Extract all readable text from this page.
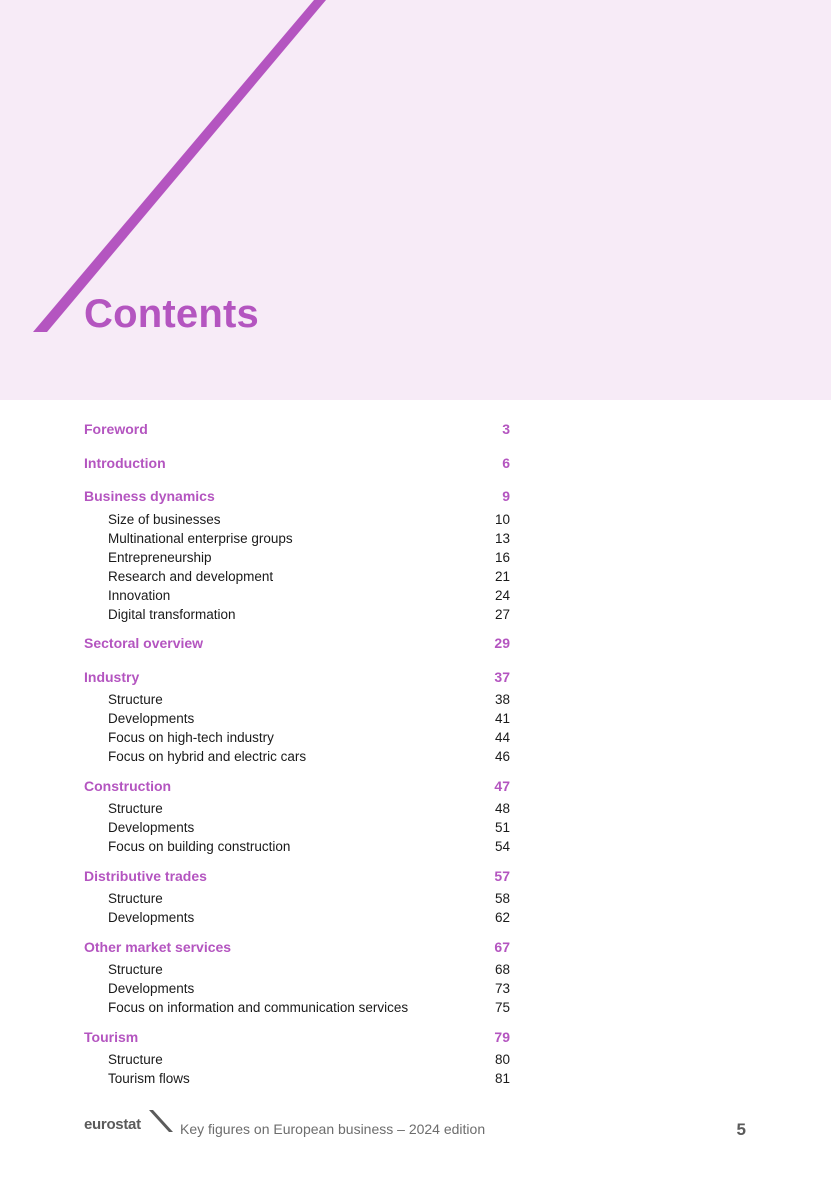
Contents
Foreword	3
Introduction	6
Business dynamics	9
Size of businesses	10
Multinational enterprise groups	13
Entrepreneurship	16
Research and development	21
Innovation	24
Digital transformation	27
Sectoral overview	29
Industry	37
Structure	38
Developments	41
Focus on high-tech industry	44
Focus on hybrid and electric cars	46
Construction	47
Structure	48
Developments	51
Focus on building construction	54
Distributive trades	57
Structure	58
Developments	62
Other market services	67
Structure	68
Developments	73
Focus on information and communication services	75
Tourism	79
Structure	80
Tourism flows	81
eurostat	Key figures on European business – 2024 edition	5
